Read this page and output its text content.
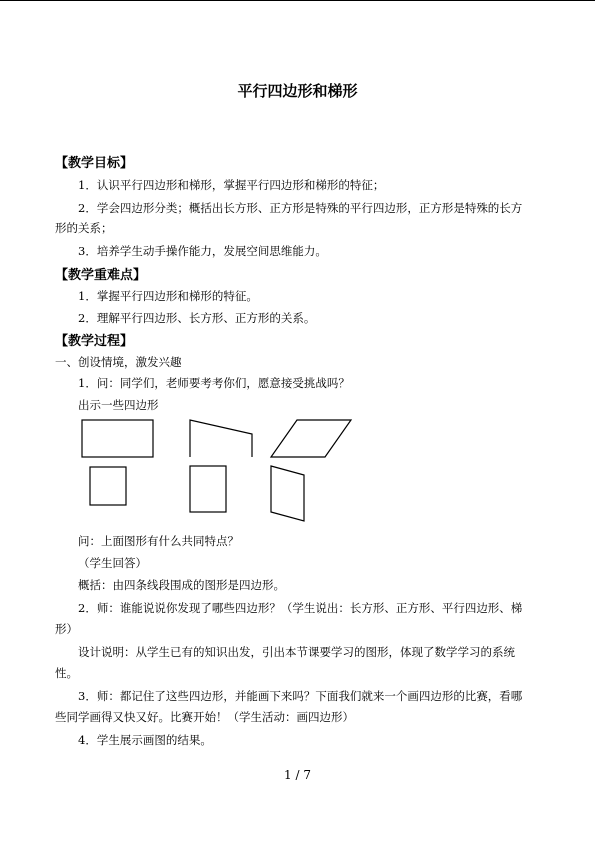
平行四边形和梯形
【教学目标】
1．认识平行四边形和梯形，掌握平行四边形和梯形的特征；
2．学会四边形分类；概括出长方形、正方形是特殊的平行四边形，正方形是特殊的长方
形的关系；
3．培养学生动手操作能力，发展空间思维能力。
【教学重难点】
1．掌握平行四边形和梯形的特征。
2．理解平行四边形、长方形、正方形的关系。
【教学过程】
一、创设情境，激发兴趣
1．问：同学们，老师要考考你们，愿意接受挑战吗？
出示一些四边形
问：上面图形有什么共同特点？
（学生回答）
概括：由四条线段围成的图形是四边形。
2．师：谁能说说你发现了哪些四边形？（学生说出：长方形、正方形、平行四边形、梯
形）
设计说明：从学生已有的知识出发，引出本节课要学习的图形，体现了数学学习的系统
性。
3．师：都记住了这些四边形，并能画下来吗？下面我们就来一个画四边形的比赛，看哪
些同学画得又快又好。比赛开始！（学生活动：画四边形）
4．学生展示画图的结果。
1 / 7
